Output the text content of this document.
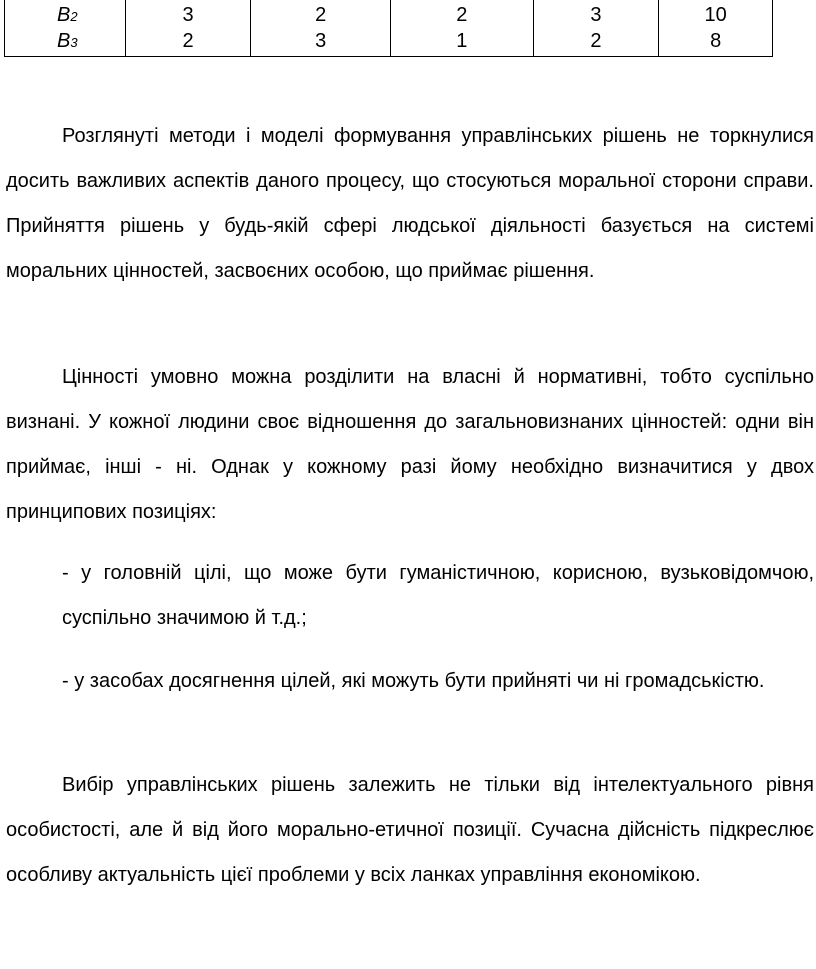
B2
B3
3
2
2
3
2
1
3
2
10
8

Розглянуті методи і моделі формування управлінських рішень не торкнулися досить важливих аспектів даного процесу, що стосуються моральної сторони справи. Прийняття рішень у будь-якій сфері людської діяльності базується на системі моральних цінностей, засвоєних особою, що приймає рішення.

Цінності умовно можна розділити на власні й нормативні, тобто суспільно визнані. У кожної людини своє відношення до загальновизнаних цінностей: одни він приймає, інші - ні. Однак у кожному разі йому необхідно визначитися у двох принципових позиціях:

- у головній цілі, що може бути гуманістичною, корисною, вузьковідомчою, суспільно значимою й т.д.;

- у засобах досягнення цілей, які можуть бути прийняті чи ні громадськістю.

Вибір управлінських рішень залежить не тільки від інтелектуального рівня особистості, але й від його морально-етичної позиції. Сучасна дійсність підкреслює особливу актуальність цієї проблеми у всіх ланках управління економікою.
